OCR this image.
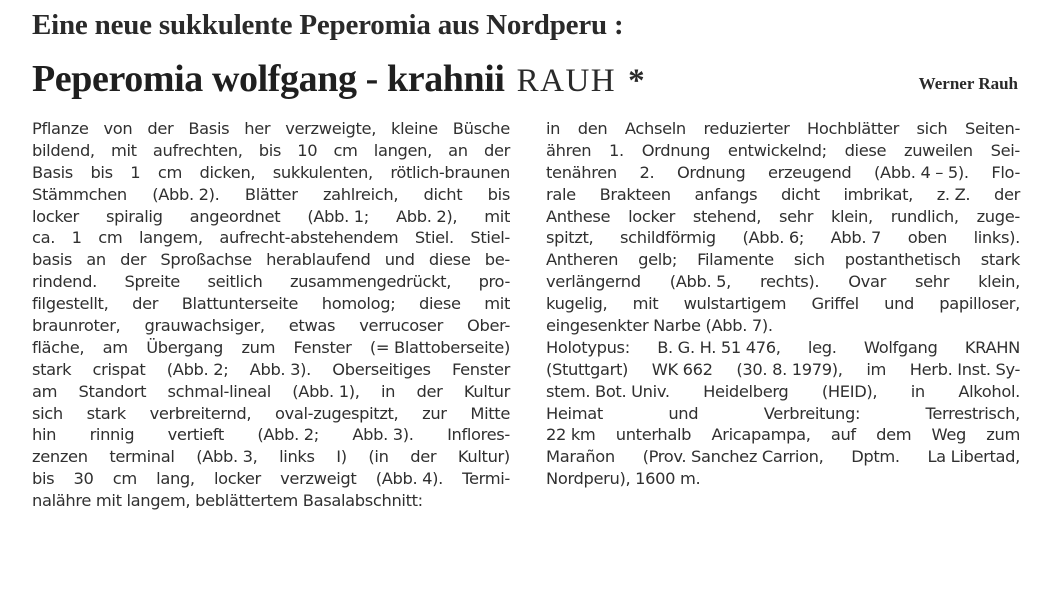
Eine neue sukkulente Peperomia aus Nordperu :
Peperomia wolfgang - krahnii RAUH *	Werner Rauh
Pflanze von der Basis her verzweigte, kleine Büsche
bildend, mit aufrechten, bis 10 cm langen, an der
Basis bis 1 cm dicken, sukkulenten, rötlich-braunen
Stämmchen (Abb. 2). Blätter zahlreich, dicht bis
locker spiralig angeordnet (Abb. 1; Abb. 2), mit
ca. 1 cm langem, aufrecht-abstehendem Stiel. Stiel-
basis an der Sproßachse herablaufend und diese be-
rindend. Spreite seitlich zusammengedrückt, pro-
filgestellt, der Blattunterseite homolog; diese mit
braunroter, grauwachsiger, etwas verrucoser Ober-
fläche, am Übergang zum Fenster (= Blattoberseite)
stark crispat (Abb. 2; Abb. 3). Oberseitiges Fenster
am Standort schmal-lineal (Abb. 1), in der Kultur
sich stark verbreiternd, oval-zugespitzt, zur Mitte
hin rinnig vertieft (Abb. 2; Abb. 3). Inflores-
zenzen terminal (Abb. 3, links I) (in der Kultur)
bis 30 cm lang, locker verzweigt (Abb. 4). Termi-
nalähre mit langem, beblättertem Basalabschnitt:
in den Achseln reduzierter Hochblätter sich Seiten-
ähren 1. Ordnung entwickelnd; diese zuweilen Sei-
tenähren 2. Ordnung erzeugend (Abb. 4 – 5). Flo-
rale Brakteen anfangs dicht imbrikat, z. Z. der
Anthese locker stehend, sehr klein, rundlich, zuge-
spitzt, schildförmig (Abb. 6; Abb. 7 oben links).
Antheren gelb; Filamente sich postanthetisch stark
verlängernd (Abb. 5, rechts). Ovar sehr klein,
kugelig, mit wulstartigem Griffel und papilloser,
eingesenkter Narbe (Abb. 7).
Holotypus: B. G. H. 51 476, leg. Wolfgang KRAHN
(Stuttgart) WK 662 (30. 8. 1979), im Herb. Inst. Sy-
stem. Bot. Univ. Heidelberg (HEID), in Alkohol.
Heimat	und	Verbreitung:	Terrestrisch,
22 km unterhalb Aricapampa, auf dem Weg zum
Marañon (Prov. Sanchez Carrion, Dptm. La Libertad,
Nordperu), 1600 m.
